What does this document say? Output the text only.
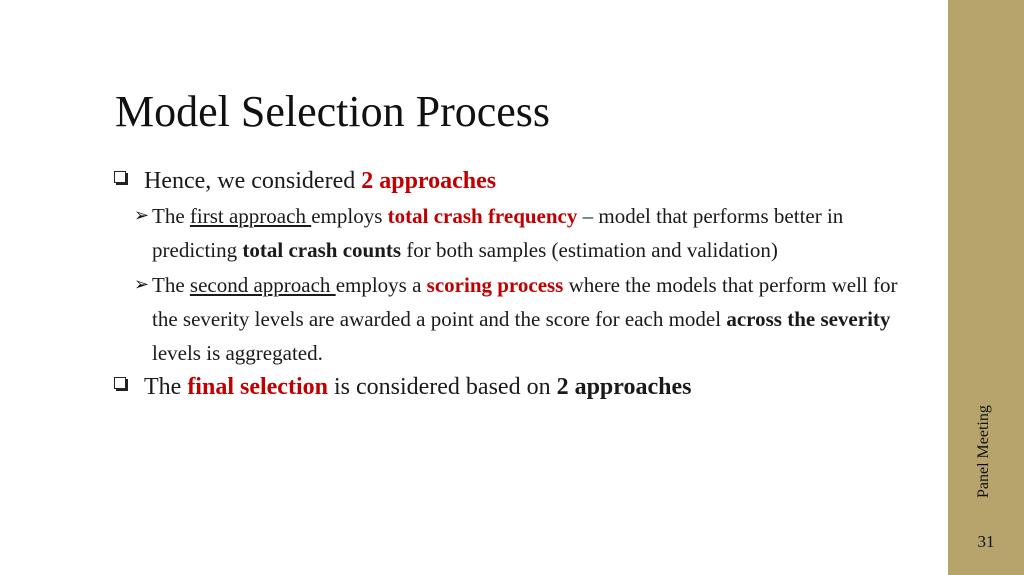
Model Selection Process
Hence, we considered 2 approaches
➢ The first approach employs total crash frequency – model that performs better in predicting total crash counts for both samples (estimation and validation)
➢ The second approach employs a scoring process where the models that perform well for the severity levels are awarded a point and the score for each model across the severity levels is aggregated.
The final selection is considered based on 2 approaches
Panel Meeting
31
